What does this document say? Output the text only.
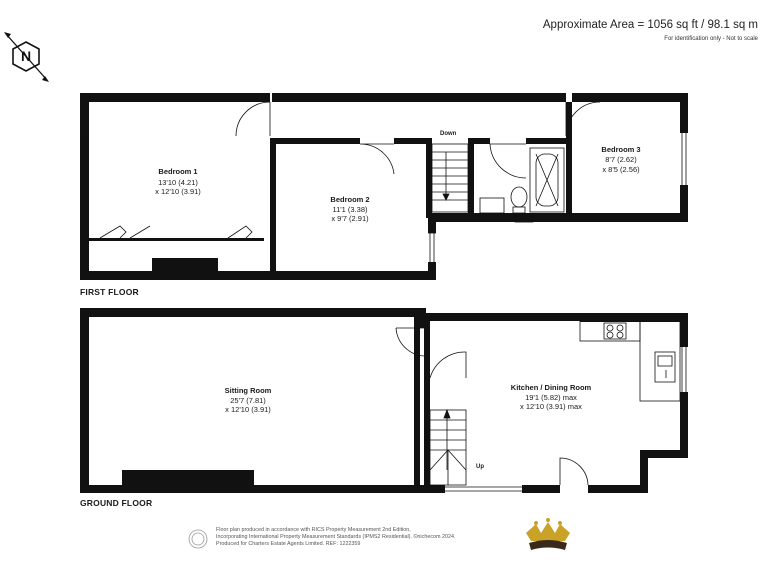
Approximate Area = 1056 sq ft / 98.1 sq m
For identification only - Not to scale
N
Down
Bedroom 1
13'10 (4.21)
x 12'10 (3.91)
Bedroom 2
11'1 (3.38)
x 9'7 (2.91)
Bedroom 3
8'7 (2.62)
x 8'5 (2.56)
Up
Sitting Room
25'7 (7.81)
x 12'10 (3.91)
Kitchen / Dining Room
19'1 (5.82) max
x 12'10 (3.91) max
FIRST FLOOR
GROUND FLOOR
Floor plan produced in accordance with RICS Property Measurement 2nd Edition,
Incorporating International Property Measurement Standards (IPMS2 Residential). ©nichecom 2024.
Produced for Charters Estate Agents Limited. REF: 1222359
